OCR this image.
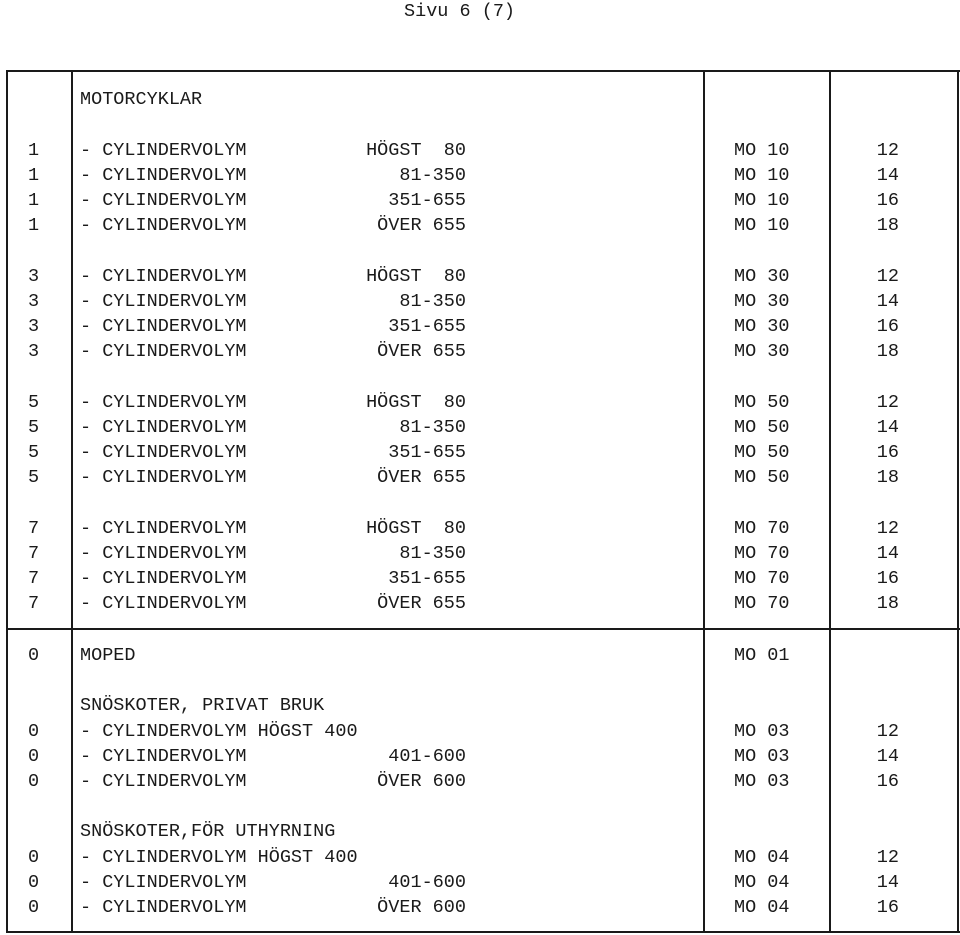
Sivu 6 (7)
MOTORCYKLAR
1 - CYLINDERVOLYM	HÖGST  80	MO 10	12
1 - CYLINDERVOLYM	81-350	MO 10	14
1 - CYLINDERVOLYM	351-655	MO 10	16
1 - CYLINDERVOLYM	ÖVER 655	MO 10	18
3 - CYLINDERVOLYM	HÖGST  80	MO 30	12
3 - CYLINDERVOLYM	81-350	MO 30	14
3 - CYLINDERVOLYM	351-655	MO 30	16
3 - CYLINDERVOLYM	ÖVER 655	MO 30	18
5 - CYLINDERVOLYM	HÖGST  80	MO 50	12
5 - CYLINDERVOLYM	81-350	MO 50	14
5 - CYLINDERVOLYM	351-655	MO 50	16
5 - CYLINDERVOLYM	ÖVER 655	MO 50	18
7 - CYLINDERVOLYM	HÖGST  80	MO 70	12
7 - CYLINDERVOLYM	81-350	MO 70	14
7 - CYLINDERVOLYM	351-655	MO 70	16
7 - CYLINDERVOLYM	ÖVER 655	MO 70	18
0 MOPED	MO 01
SNÖSKOTER, PRIVAT BRUK
0 - CYLINDERVOLYM HÖGST 400	MO 03	12
0 - CYLINDERVOLYM	401-600	MO 03	14
0 - CYLINDERVOLYM	ÖVER 600	MO 03	16
SNÖSKOTER,FÖR UTHYRNING
0 - CYLINDERVOLYM HÖGST 400	MO 04	12
0 - CYLINDERVOLYM	401-600	MO 04	14
0 - CYLINDERVOLYM	ÖVER 600	MO 04	16
